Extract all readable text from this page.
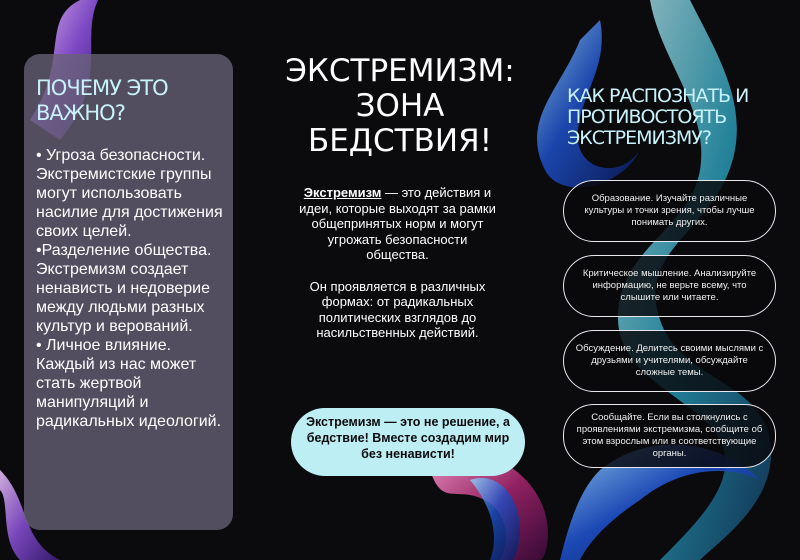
ПОЧЕМУ ЭТО ВАЖНО?

• Угроза безопасности. Экстремистские группы могут использовать насилие для достижения своих целей.

•Разделение общества. Экстремизм создает ненависть и недоверие между людьми разных культур и верований.

• Личное влияние. Каждый из нас может стать жертвой манипуляций и радикальных идеологий.

ЭКСТРЕМИЗМ: ЗОНА БЕДСТВИЯ!

Экстремизм — это действия и идеи, которые выходят за рамки общепринятых норм и могут угрожать безопасности общества.

Он проявляется в различных формах: от радикальных политических взглядов до насильственных действий.

Экстремизм — это не решение, а бедствие! Вместе создадим мир без ненависти!
КАК РАСПОЗНАТЬ И ПРОТИВОСТОЯТЬ ЭКСТРЕМИЗМУ?
Образование. Изучайте различные культуры и точки зрения, чтобы лучше понимать других.
Критическое мышление. Анализируйте информацию, не верьте всему, что слышите или читаете.
Обсуждение. Делитесь своими мыслями с друзьями и учителями, обсуждайте сложные темы.
Сообщайте. Если вы столкнулись с проявлениями экстремизма, сообщите об этом взрослым или в соответствующие органы.
